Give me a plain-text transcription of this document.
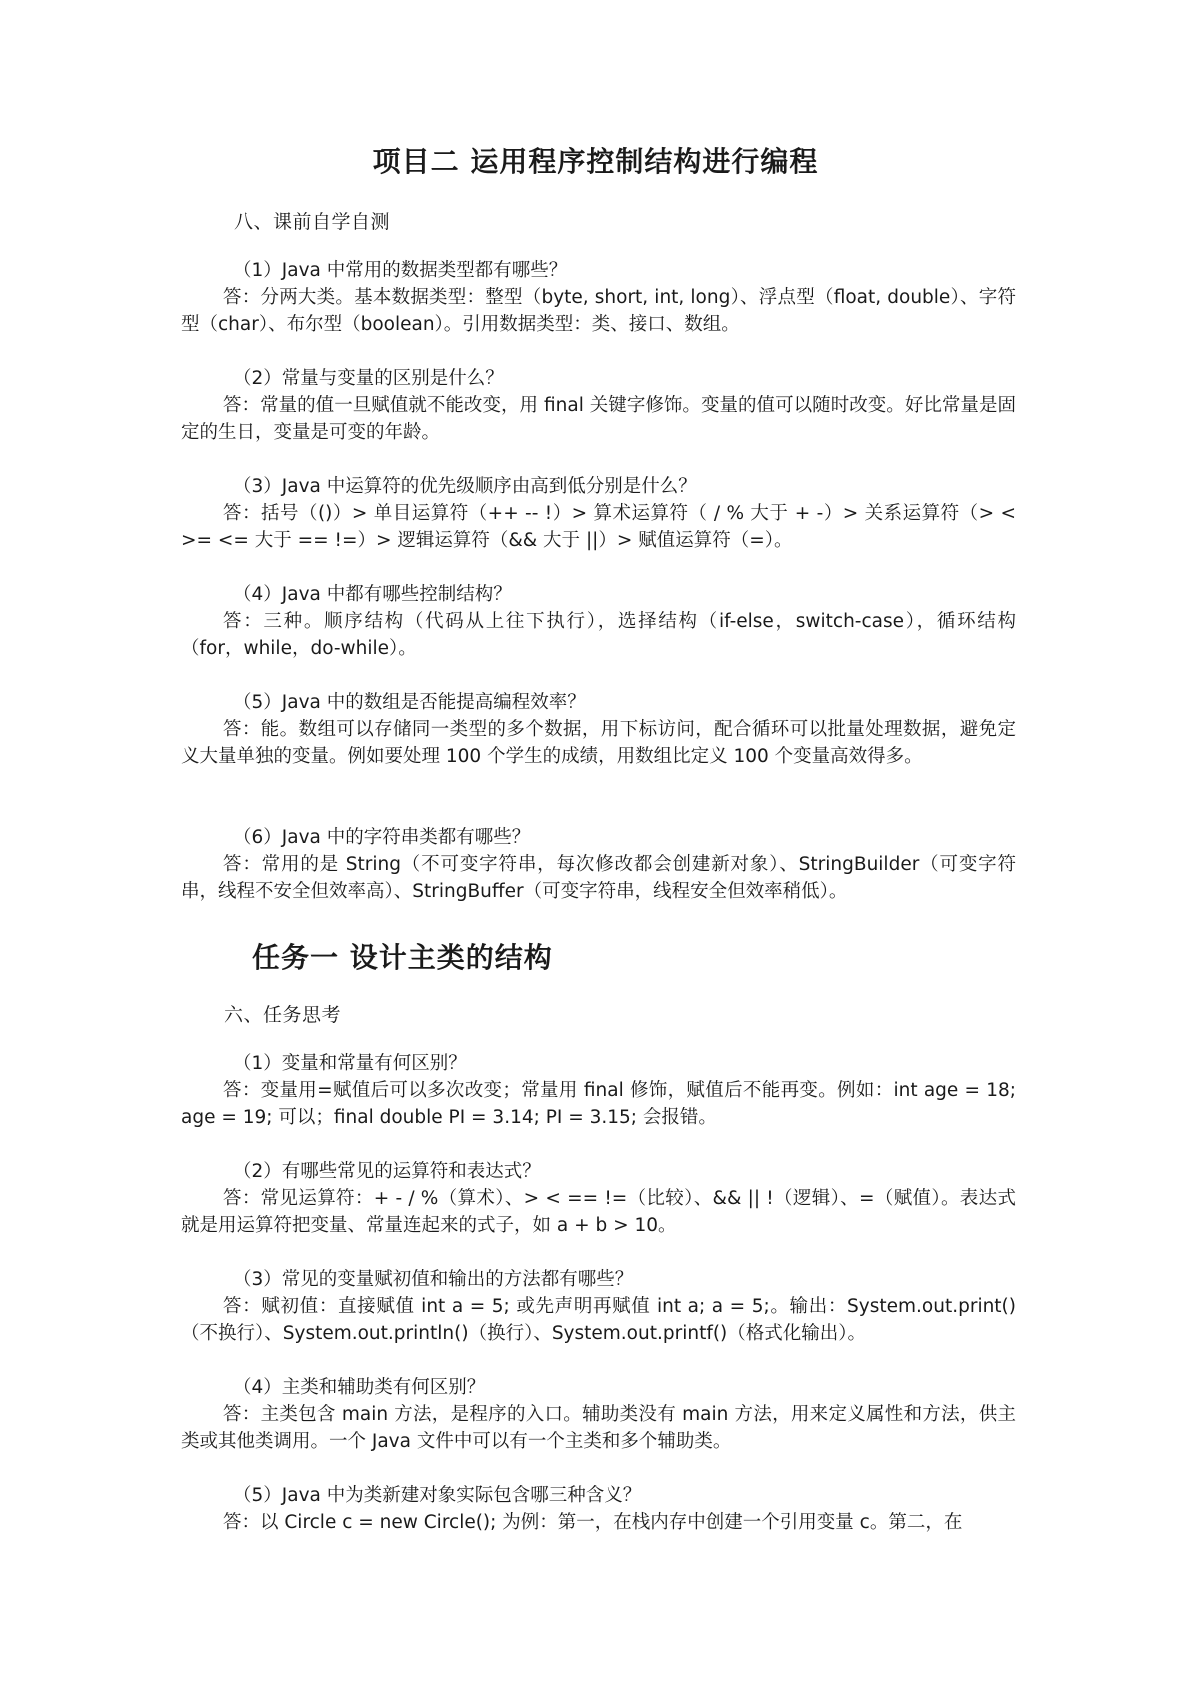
项目二 运用程序控制结构进行编程
八、课前自学自测
（1）Java 中常用的数据类型都有哪些？
答：分两大类。基本数据类型：整型（byte, short, int, long）、浮点型（float, double）、字符型（char）、布尔型（boolean）。引用数据类型：类、接口、数组。
（2）常量与变量的区别是什么？
答：常量的值一旦赋值就不能改变，用 final 关键字修饰。变量的值可以随时改变。好比常量是固定的生日，变量是可变的年龄。
（3）Java 中运算符的优先级顺序由高到低分别是什么？
答：括号（()）> 单目运算符（++ -- !）> 算术运算符（ / % 大于 + -）> 关系运算符（> < >= <= 大于 == !=）> 逻辑运算符（&& 大于 ||）> 赋值运算符（=）。
（4）Java 中都有哪些控制结构？
答：三种。顺序结构（代码从上往下执行），选择结构（if-else，switch-case），循环结构（for，while，do-while）。
（5）Java 中的数组是否能提高编程效率？
答：能。数组可以存储同一类型的多个数据，用下标访问，配合循环可以批量处理数据，避免定义大量单独的变量。例如要处理 100 个学生的成绩，用数组比定义 100 个变量高效得多。
（6）Java 中的字符串类都有哪些？
答：常用的是 String（不可变字符串，每次修改都会创建新对象）、StringBuilder（可变字符串，线程不安全但效率高）、StringBuffer（可变字符串，线程安全但效率稍低）。
任务一 设计主类的结构
六、任务思考
（1）变量和常量有何区别？
答：变量用=赋值后可以多次改变；常量用 final 修饰，赋值后不能再变。例如：int age = 18; age = 19; 可以；final double PI = 3.14; PI = 3.15; 会报错。
（2）有哪些常见的运算符和表达式？
答：常见运算符：+ - / %（算术）、> < == !=（比较）、&& || !（逻辑）、=（赋值）。表达式就是用运算符把变量、常量连起来的式子，如 a + b > 10。
（3）常见的变量赋初值和输出的方法都有哪些？
答：赋初值：直接赋值 int a = 5; 或先声明再赋值 int a; a = 5;。输出：System.out.print()（不换行）、System.out.println()（换行）、System.out.printf()（格式化输出）。
（4）主类和辅助类有何区别？
答：主类包含 main 方法，是程序的入口。辅助类没有 main 方法，用来定义属性和方法，供主类或其他类调用。一个 Java 文件中可以有一个主类和多个辅助类。
（5）Java 中为类新建对象实际包含哪三种含义？
答：以 Circle c = new Circle(); 为例：第一，在栈内存中创建一个引用变量 c。第二，在
